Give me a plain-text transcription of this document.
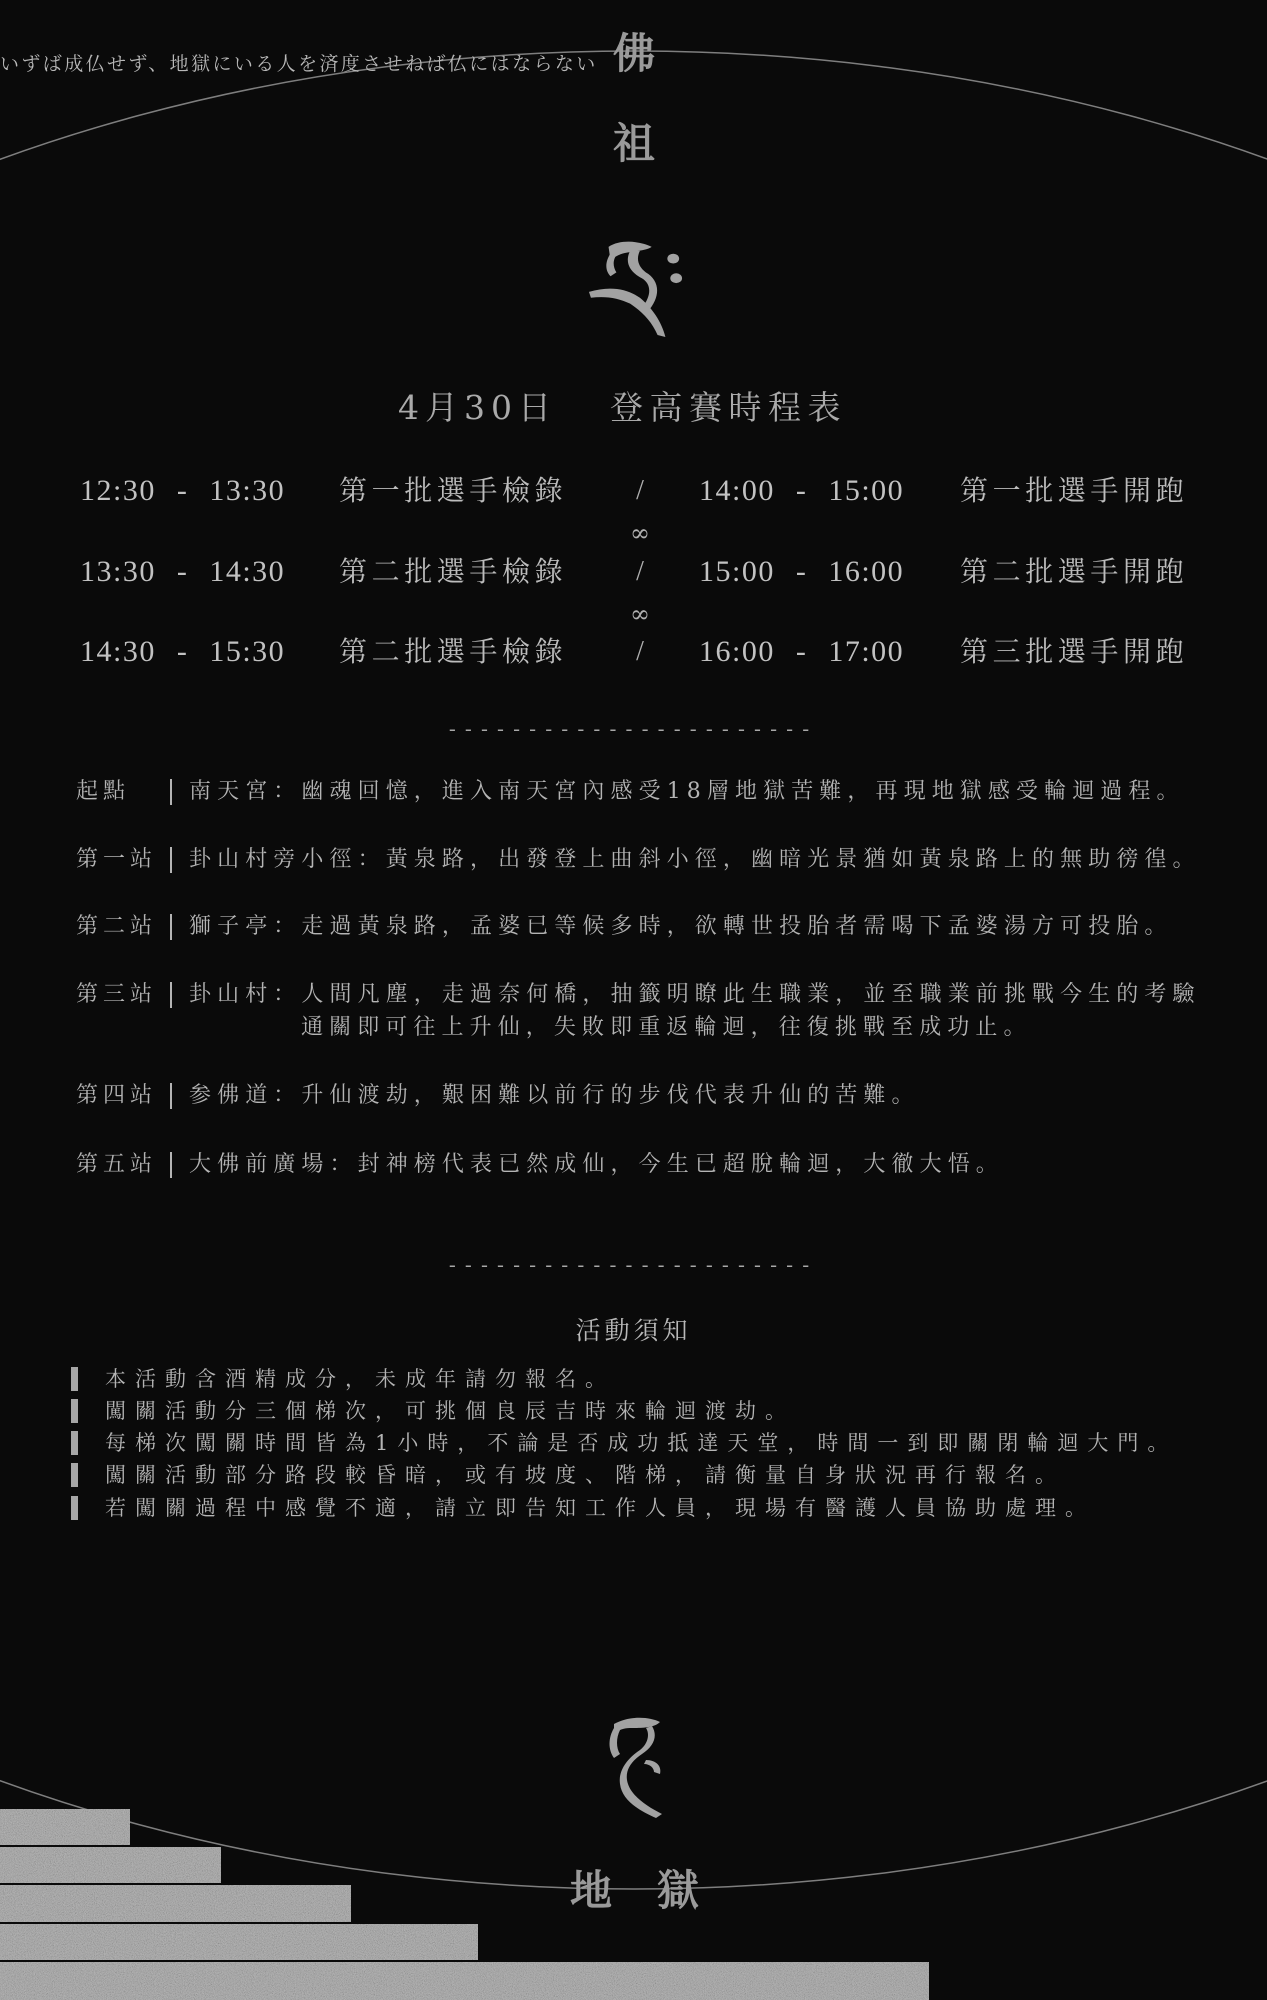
いずば成仏せず、地獄にいる人を済度させねば仏にはならない 佛
祖
4月30日 登高賽時程表
12:30 - 13:30 第一批選手檢錄	/	14:00 - 15:00 第一批選手開跑
∞
13:30 - 14:30 第二批選手檢錄	/	15:00 - 16:00 第二批選手開跑
∞
14:30 - 15:30 第二批選手檢錄	/	16:00 - 17:00 第三批選手開跑
-----------------------
起點	南天宮：幽魂回憶，進入南天宮內感受18層地獄苦難，再現地獄感受輪迴過程。
第一站 卦山村旁小徑：黃泉路，出發登上曲斜小徑，幽暗光景猶如黃泉路上的無助徬徨。
第二站 獅子亭：走過黃泉路，孟婆已等候多時，欲轉世投胎者需喝下孟婆湯方可投胎。
第三站 卦山村：人間凡塵，走過奈何橋，抽籤明瞭此生職業，並至職業前挑戰今生的考驗
通關即可往上升仙，失敗即重返輪迴，往復挑戰至成功止。
第四站 参佛道：升仙渡劫，艱困難以前行的步伐代表升仙的苦難。
第五站 大佛前廣場：封神榜代表已然成仙，今生已超脫輪迴，大徹大悟。
-----------------------
活動須知
本活動含酒精成分，未成年請勿報名。
闖關活動分三個梯次，可挑個良辰吉時來輪迴渡劫。
每梯次闖關時間皆為1小時，不論是否成功抵達天堂，時間一到即關閉輪迴大門。
闖關活動部分路段較昏暗，或有坡度、階梯，請衡量自身狀況再行報名。
若闖關過程中感覺不適，請立即告知工作人員，現場有醫護人員協助處理。
地 獄
